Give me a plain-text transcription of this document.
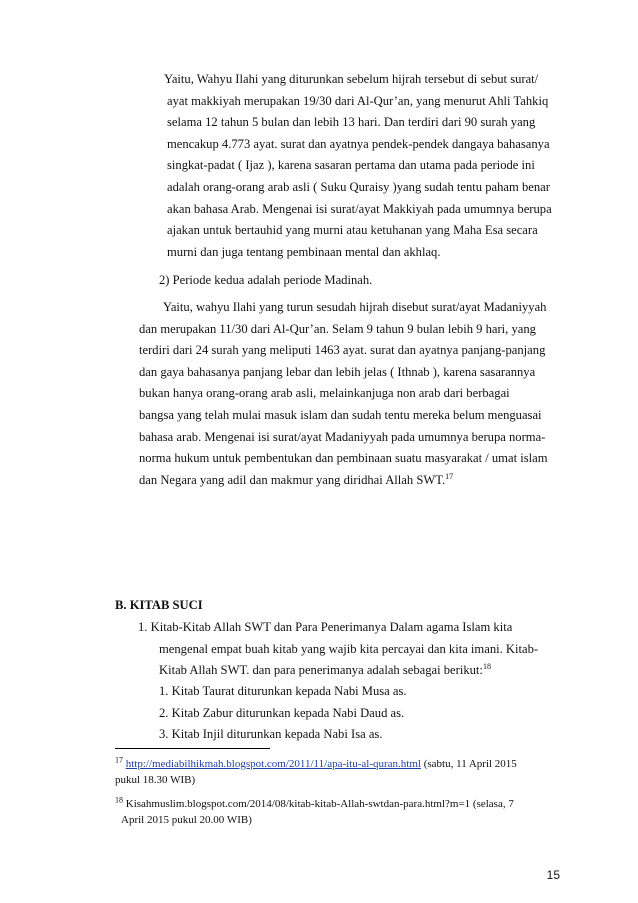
Yaitu, Wahyu Ilahi yang diturunkan sebelum hijrah tersebut di sebut surat/
ayat makkiyah merupakan 19/30 dari Al-Qur’an, yang menurut Ahli Tahkiq
selama 12 tahun 5 bulan dan lebih 13 hari. Dan terdiri dari 90 surah yang
mencakup 4.773 ayat. surat dan ayatnya pendek-pendek dangaya bahasanya
singkat-padat ( Ijaz ), karena sasaran pertama dan utama pada periode ini
adalah orang-orang arab asli ( Suku Quraisy )yang sudah tentu paham benar
akan bahasa Arab. Mengenai isi surat/ayat Makkiyah pada umumnya berupa
ajakan untuk bertauhid yang murni atau ketuhanan yang Maha Esa secara
murni dan juga tentang pembinaan mental dan akhlaq.
2) Periode kedua adalah periode Madinah.
Yaitu, wahyu Ilahi yang turun sesudah hijrah disebut surat/ayat Madaniyyah
dan merupakan 11/30 dari Al-Qur’an. Selam 9 tahun 9 bulan lebih 9 hari, yang
terdiri dari 24 surah yang meliputi 1463 ayat. surat dan ayatnya panjang-panjang
dan gaya bahasanya panjang lebar dan lebih jelas ( Ithnab ), karena sasarannya
bukan hanya orang-orang arab asli, melainkanjuga non arab dari berbagai
bangsa yang telah mulai masuk islam dan sudah tentu mereka belum menguasai
bahasa arab. Mengenai isi surat/ayat Madaniyyah pada umumnya berupa norma-
norma hukum untuk pembentukan dan pembinaan suatu masyarakat / umat islam
dan Negara yang adil dan makmur yang diridhai Allah SWT.$^{17}$
B. KITAB SUCI
1. Kitab-Kitab Allah SWT dan Para Penerimanya Dalam agama Islam kita
mengenal empat buah kitab yang wajib kita percayai dan kita imani. Kitab-
Kitab Allah SWT. dan para penerimanya adalah sebagai berikut:$^{18}$
1. Kitab Taurat diturunkan kepada Nabi Musa as.
2. Kitab Zabur diturunkan kepada Nabi Daud as.
3. Kitab Injil diturunkan kepada Nabi Isa as.
$^{17}$ http://mediabilhikmah.blogspot.com/2011/11/apa-itu-al-quran.html (sabtu, 11 April 2015
pukul 18.30 WIB)
$^{18}$ Kisahmuslim.blogspot.com/2014/08/kitab-kitab-Allah-swtdan-para.html?m=1 (selasa, 7
April 2015 pukul 20.00 WIB)
15
